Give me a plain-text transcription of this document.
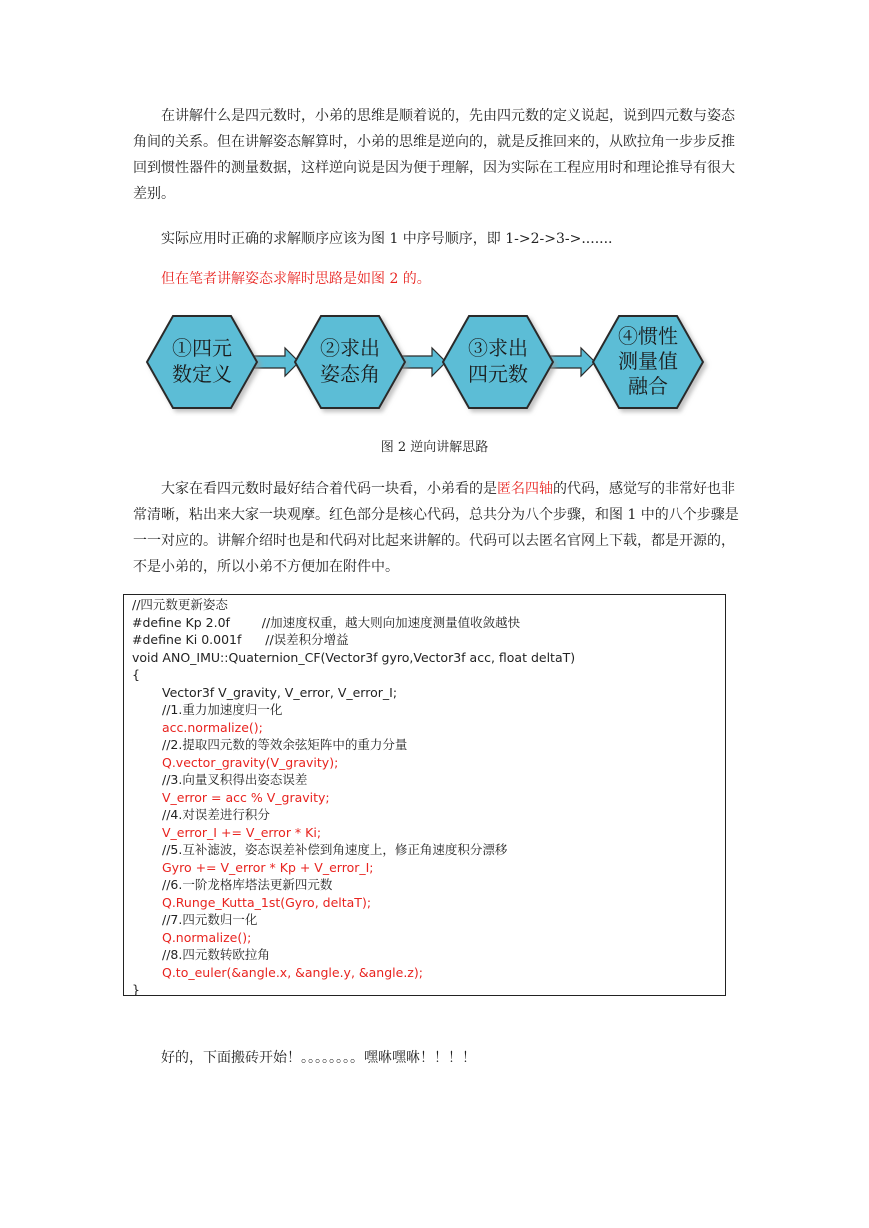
在讲解什么是四元数时，小弟的思维是顺着说的，先由四元数的定义说起，说到四元数与姿态角间的关系。但在讲解姿态解算时，小弟的思维是逆向的，就是反推回来的，从欧拉角一步步反推回到惯性器件的测量数据，这样逆向说是因为便于理解，因为实际在工程应用时和理论推导有很大差别。

实际应用时正确的求解顺序应该为图 1 中序号顺序，即 1->2->3->.......

但在笔者讲解姿态求解时思路是如图 2 的。

①四元
数定义
②求出
姿态角
③求出
四元数
④惯性
测量值
融合
图 2 逆向讲解思路

大家在看四元数时最好结合着代码一块看，小弟看的是匿名四轴的代码，感觉写的非常好也非常清晰，粘出来大家一块观摩。红色部分是核心代码，总共分为八个步骤，和图 1 中的八个步骤是一一对应的。讲解介绍时也是和代码对比起来讲解的。代码可以去匿名官网上下载，都是开源的，不是小弟的，所以小弟不方便加在附件中。

//四元数更新姿态
#define Kp 2.0f        //加速度权重，越大则向加速度测量值收敛越快
#define Ki 0.001f      //误差积分增益
void ANO_IMU::Quaternion_CF(Vector3f gyro,Vector3f acc, float deltaT)
{
Vector3f V_gravity, V_error, V_error_I;
//1.重力加速度归一化
acc.normalize();
//2.提取四元数的等效余弦矩阵中的重力分量
Q.vector_gravity(V_gravity);
//3.向量叉积得出姿态误差
V_error = acc % V_gravity;
//4.对误差进行积分
V_error_I += V_error * Ki;
//5.互补滤波，姿态误差补偿到角速度上，修正角速度积分漂移
Gyro += V_error * Kp + V_error_I;
//6.一阶龙格库塔法更新四元数
Q.Runge_Kutta_1st(Gyro, deltaT);
//7.四元数归一化
Q.normalize();
//8.四元数转欧拉角
Q.to_euler(&angle.x, &angle.y, &angle.z);
}
好的，下面搬砖开始！。。。。。。。。嘿咻嘿咻！！！！
